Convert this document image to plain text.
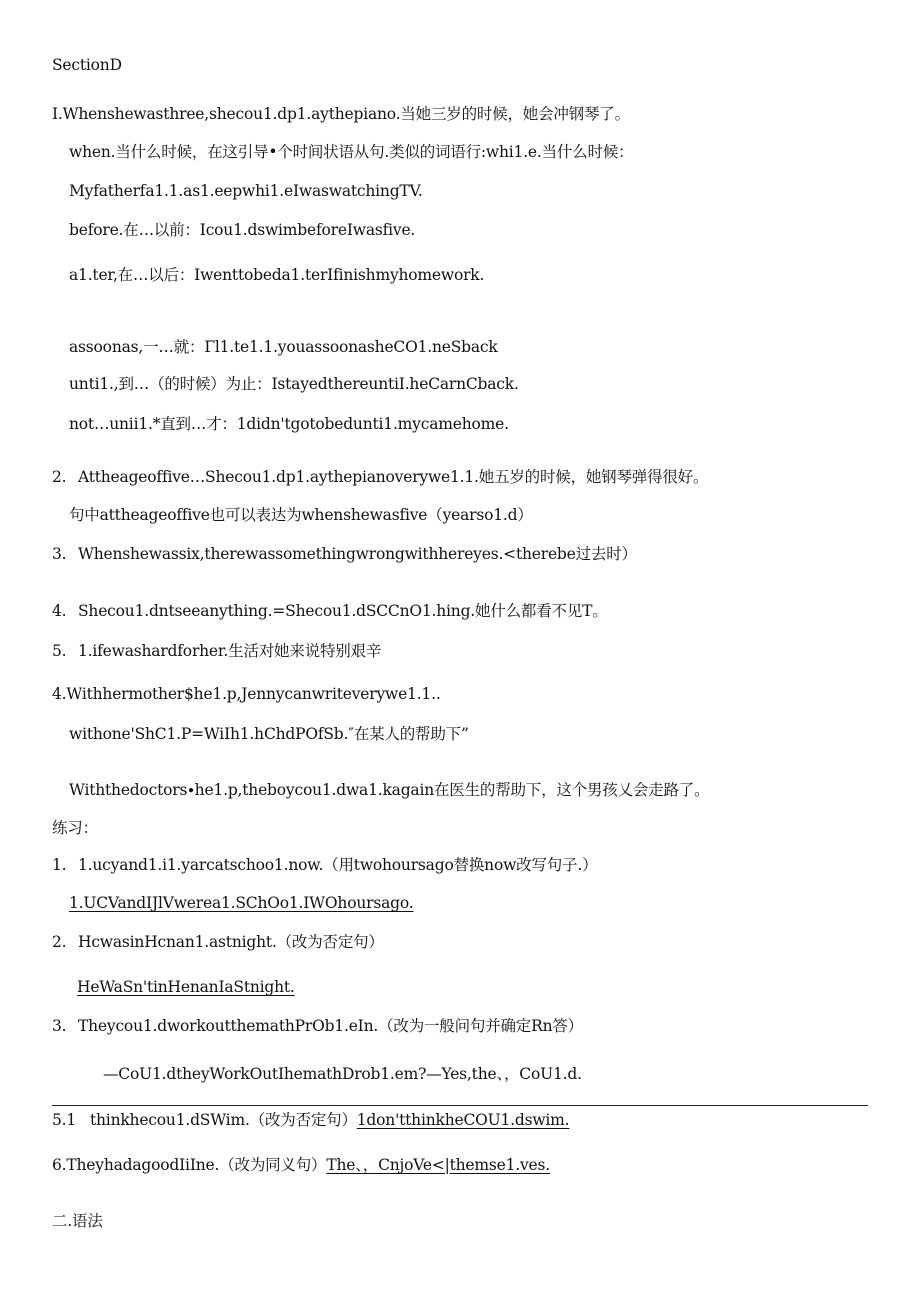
SectionD
I.Whenshewasthree,shecou1.dp1.aythepiano.当她三岁的时候，她会冲钢琴了。
when.当什么时候，在这引导•个时间状语从句.类似的词语行:whi1.e.当什么时候：
Myfatherfa1.1.as1.eepwhi1.eIwaswatchingTV.
before.在…以前：Icou1.dswimbeforeIwasfive.
a1.ter,在…以后：Iwenttobeda1.terIfinishmyhomework.
assoonas,一…就：Γl1.te1.1.youassoonasheCO1.neSback
unti1.,到…（的时候）为止：IstayedthereuntiI.heCarnCback.
not…unii1.*直到…才：1didn'tgotobedunti1.mycamehome.
2. Attheageoffive…Shecou1.dp1.aythepianoverywe1.1.她五岁的时候，她钢琴弹得很好。
句中attheageoffive也可以表达为whenshewasfive（yearso1.d）
3. Whenshewassix,therewassomethingwrongwithhereyes.<therebe过去时）
4. Shecou1.dntseeanything.=Shecou1.dSCCnO1.hing.她什么都看不见T。
5. 1.ifewashardforher.生活对她来说特别艰辛
4.Withhermother$he1.p,Jennycanwriteverywe1.1..
withone'ShC1.P=WiIh1.hChdPOfSb.″在某人的帮助下”
Withthedoctors∙he1.p,theboycou1.dwa1.kagain在医生的帮助下，这个男孩乂会走路了。
练习：
1. 1.ucyand1.i1.yarcatschoo1.now.（用twohoursago替换now改写句子.）
1.UCVandIJlVwerea1.SChOo1.IWOhoursago.
2. HcwasinHcnan1.astnight.（改为否定句）
HeWaSn'tinHenanIaStnight.
3. Theycou1.dworkoutthemathPrOb1.eIn.（改为一般问句并确定Rn答）
—CoU1.dtheyWorkOutIhemathDrob1.em?—Yes,the、，CoU1.d.
5.1 thinkhecou1.dSWim.（改为否定句）1don'tthinkheCOU1.dswim.
6.TheyhadagoodIiIne.（改为同义句）The、，CnjoVe<|themse1.ves.
二.语法
